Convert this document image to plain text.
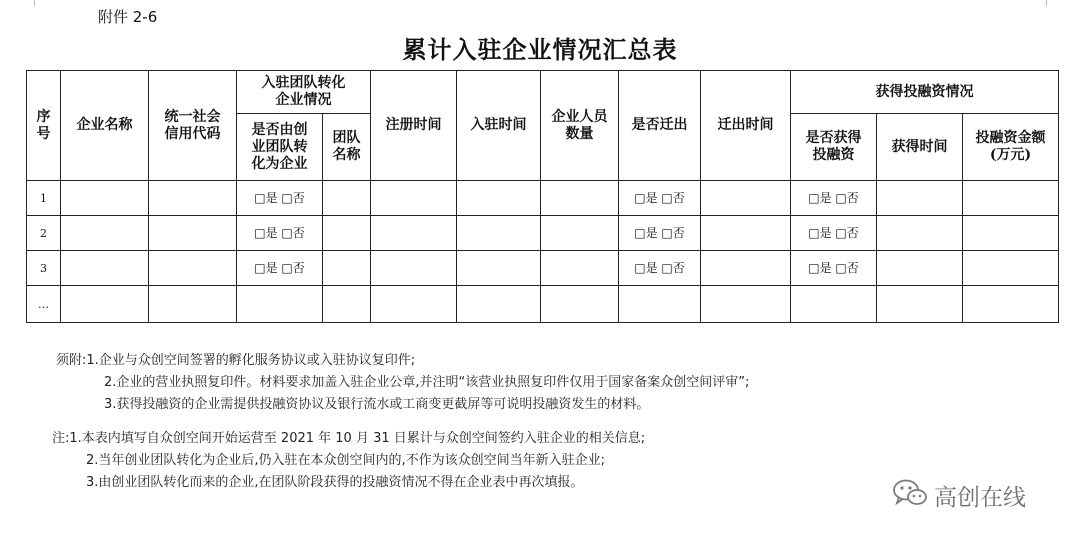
附件 2-6
累计入驻企业情况汇总表
序号	企业名称	统一社会信用代码	入驻团队转化企业情况		注册时间	入驻时间	企业人员数量	是否迁出	迁出时间	获得投融资情况		
			是否由创业团队转化为企业	团队名称						是否获得投融资	获得时间	投融资金额(万元)
1			□是 □否					□是 □否		□是 □否		
2			□是 □否					□是 □否		□是 □否		
3			□是 □否					□是 □否		□是 □否		
…												

须附:1.企业与众创空间签署的孵化服务协议或入驻协议复印件;

2.企业的营业执照复印件。材料要求加盖入驻企业公章,并注明“该营业执照复印件仅用于国家备案众创空间评审”;

3.获得投融资的企业需提供投融资协议及银行流水或工商变更截屏等可说明投融资发生的材料。

注:1.本表内填写自众创空间开始运营至 2021 年 10 月 31 日累计与众创空间签约入驻企业的相关信息;

2.当年创业团队转化为企业后,仍入驻在本众创空间内的,不作为该众创空间当年新入驻企业;

3.由创业团队转化而来的企业,在团队阶段获得的投融资情况不得在企业表中再次填报。

高创在线
